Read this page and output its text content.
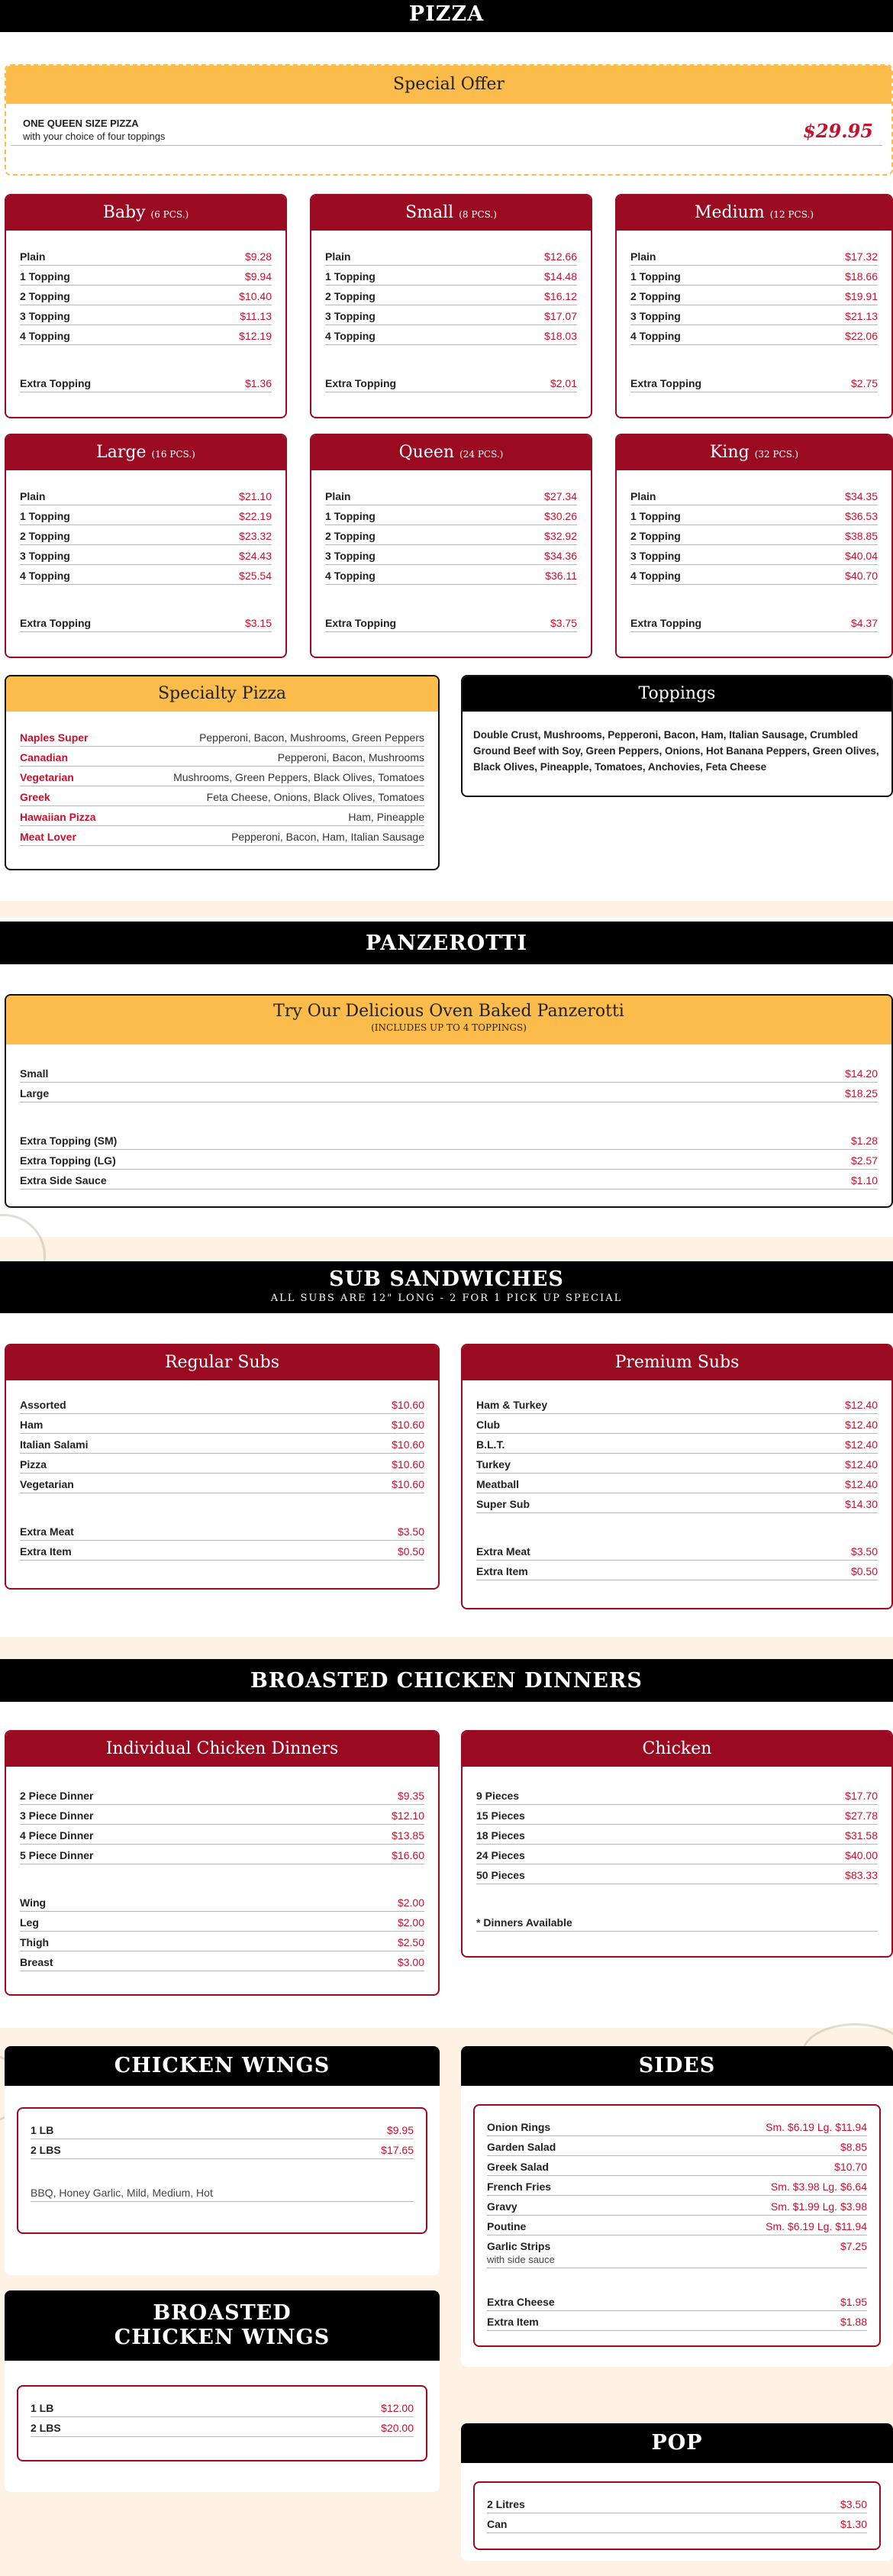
PIZZA
Special Offer
ONE QUEEN SIZE PIZZA
with your choice of four toppings	$29.95
Baby (6 PCS.)
Plain	$9.28
1 Topping	$9.94
2 Topping	$10.40
3 Topping	$11.13
4 Topping	$12.19
Extra Topping	$1.36
Small (8 PCS.)
Plain	$12.66
1 Topping	$14.48
2 Topping	$16.12
3 Topping	$17.07
4 Topping	$18.03
Extra Topping	$2.01
Medium (12 PCS.)
Plain	$17.32
1 Topping	$18.66
2 Topping	$19.91
3 Topping	$21.13
4 Topping	$22.06
Extra Topping	$2.75
Large (16 PCS.)
Plain	$21.10
1 Topping	$22.19
2 Topping	$23.32
3 Topping	$24.43
4 Topping	$25.54
Extra Topping	$3.15
Queen (24 PCS.)
Plain	$27.34
1 Topping	$30.26
2 Topping	$32.92
3 Topping	$34.36
4 Topping	$36.11
Extra Topping	$3.75
King (32 PCS.)
Plain	$34.35
1 Topping	$36.53
2 Topping	$38.85
3 Topping	$40.04
4 Topping	$40.70
Extra Topping	$4.37
Specialty Pizza
Naples Super	Pepperoni, Bacon, Mushrooms, Green Peppers
Canadian	Pepperoni, Bacon, Mushrooms
Vegetarian	Mushrooms, Green Peppers, Black Olives, Tomatoes
Greek	Feta Cheese, Onions, Black Olives, Tomatoes
Hawaiian Pizza	Ham, Pineapple
Meat Lover	Pepperoni, Bacon, Ham, Italian Sausage
Toppings
Double Crust, Mushrooms, Pepperoni, Bacon, Ham, Italian Sausage, Crumbled Ground Beef with Soy, Green Peppers, Onions, Hot Banana Peppers, Green Olives, Black Olives, Pineapple, Tomatoes, Anchovies, Feta Cheese
PANZEROTTI
Try Our Delicious Oven Baked Panzerotti
(INCLUDES UP TO 4 TOPPINGS)
Small	$14.20
Large	$18.25
Extra Topping (SM)	$1.28
Extra Topping (LG)	$2.57
Extra Side Sauce	$1.10
SUB SANDWICHES
ALL SUBS ARE 12" LONG - 2 FOR 1 PICK UP SPECIAL
Regular Subs
Assorted	$10.60
Ham	$10.60
Italian Salami	$10.60
Pizza	$10.60
Vegetarian	$10.60
Extra Meat	$3.50
Extra Item	$0.50
Premium Subs
Ham & Turkey	$12.40
Club	$12.40
B.L.T.	$12.40
Turkey	$12.40
Meatball	$12.40
Super Sub	$14.30
Extra Meat	$3.50
Extra Item	$0.50
BROASTED CHICKEN DINNERS
Individual Chicken Dinners
2 Piece Dinner	$9.35
3 Piece Dinner	$12.10
4 Piece Dinner	$13.85
5 Piece Dinner	$16.60
Wing	$2.00
Leg	$2.00
Thigh	$2.50
Breast	$3.00
Chicken
9 Pieces	$17.70
15 Pieces	$27.78
18 Pieces	$31.58
24 Pieces	$40.00
50 Pieces	$83.33
* Dinners Available
CHICKEN WINGS
1 LB	$9.95
2 LBS	$17.65
BBQ, Honey Garlic, Mild, Medium, Hot
BROASTED
CHICKEN WINGS
1 LB	$12.00
2 LBS	$20.00
SIDES
Onion Rings	Sm. $6.19 Lg. $11.94
Garden Salad	$8.85
Greek Salad	$10.70
French Fries	Sm. $3.98 Lg. $6.64
Gravy	Sm. $1.99 Lg. $3.98
Poutine	Sm. $6.19 Lg. $11.94
Garlic Strips	$7.25
with side sauce
Extra Cheese	$1.95
Extra Item	$1.88
POP
2 Litres	$3.50
Can	$1.30
